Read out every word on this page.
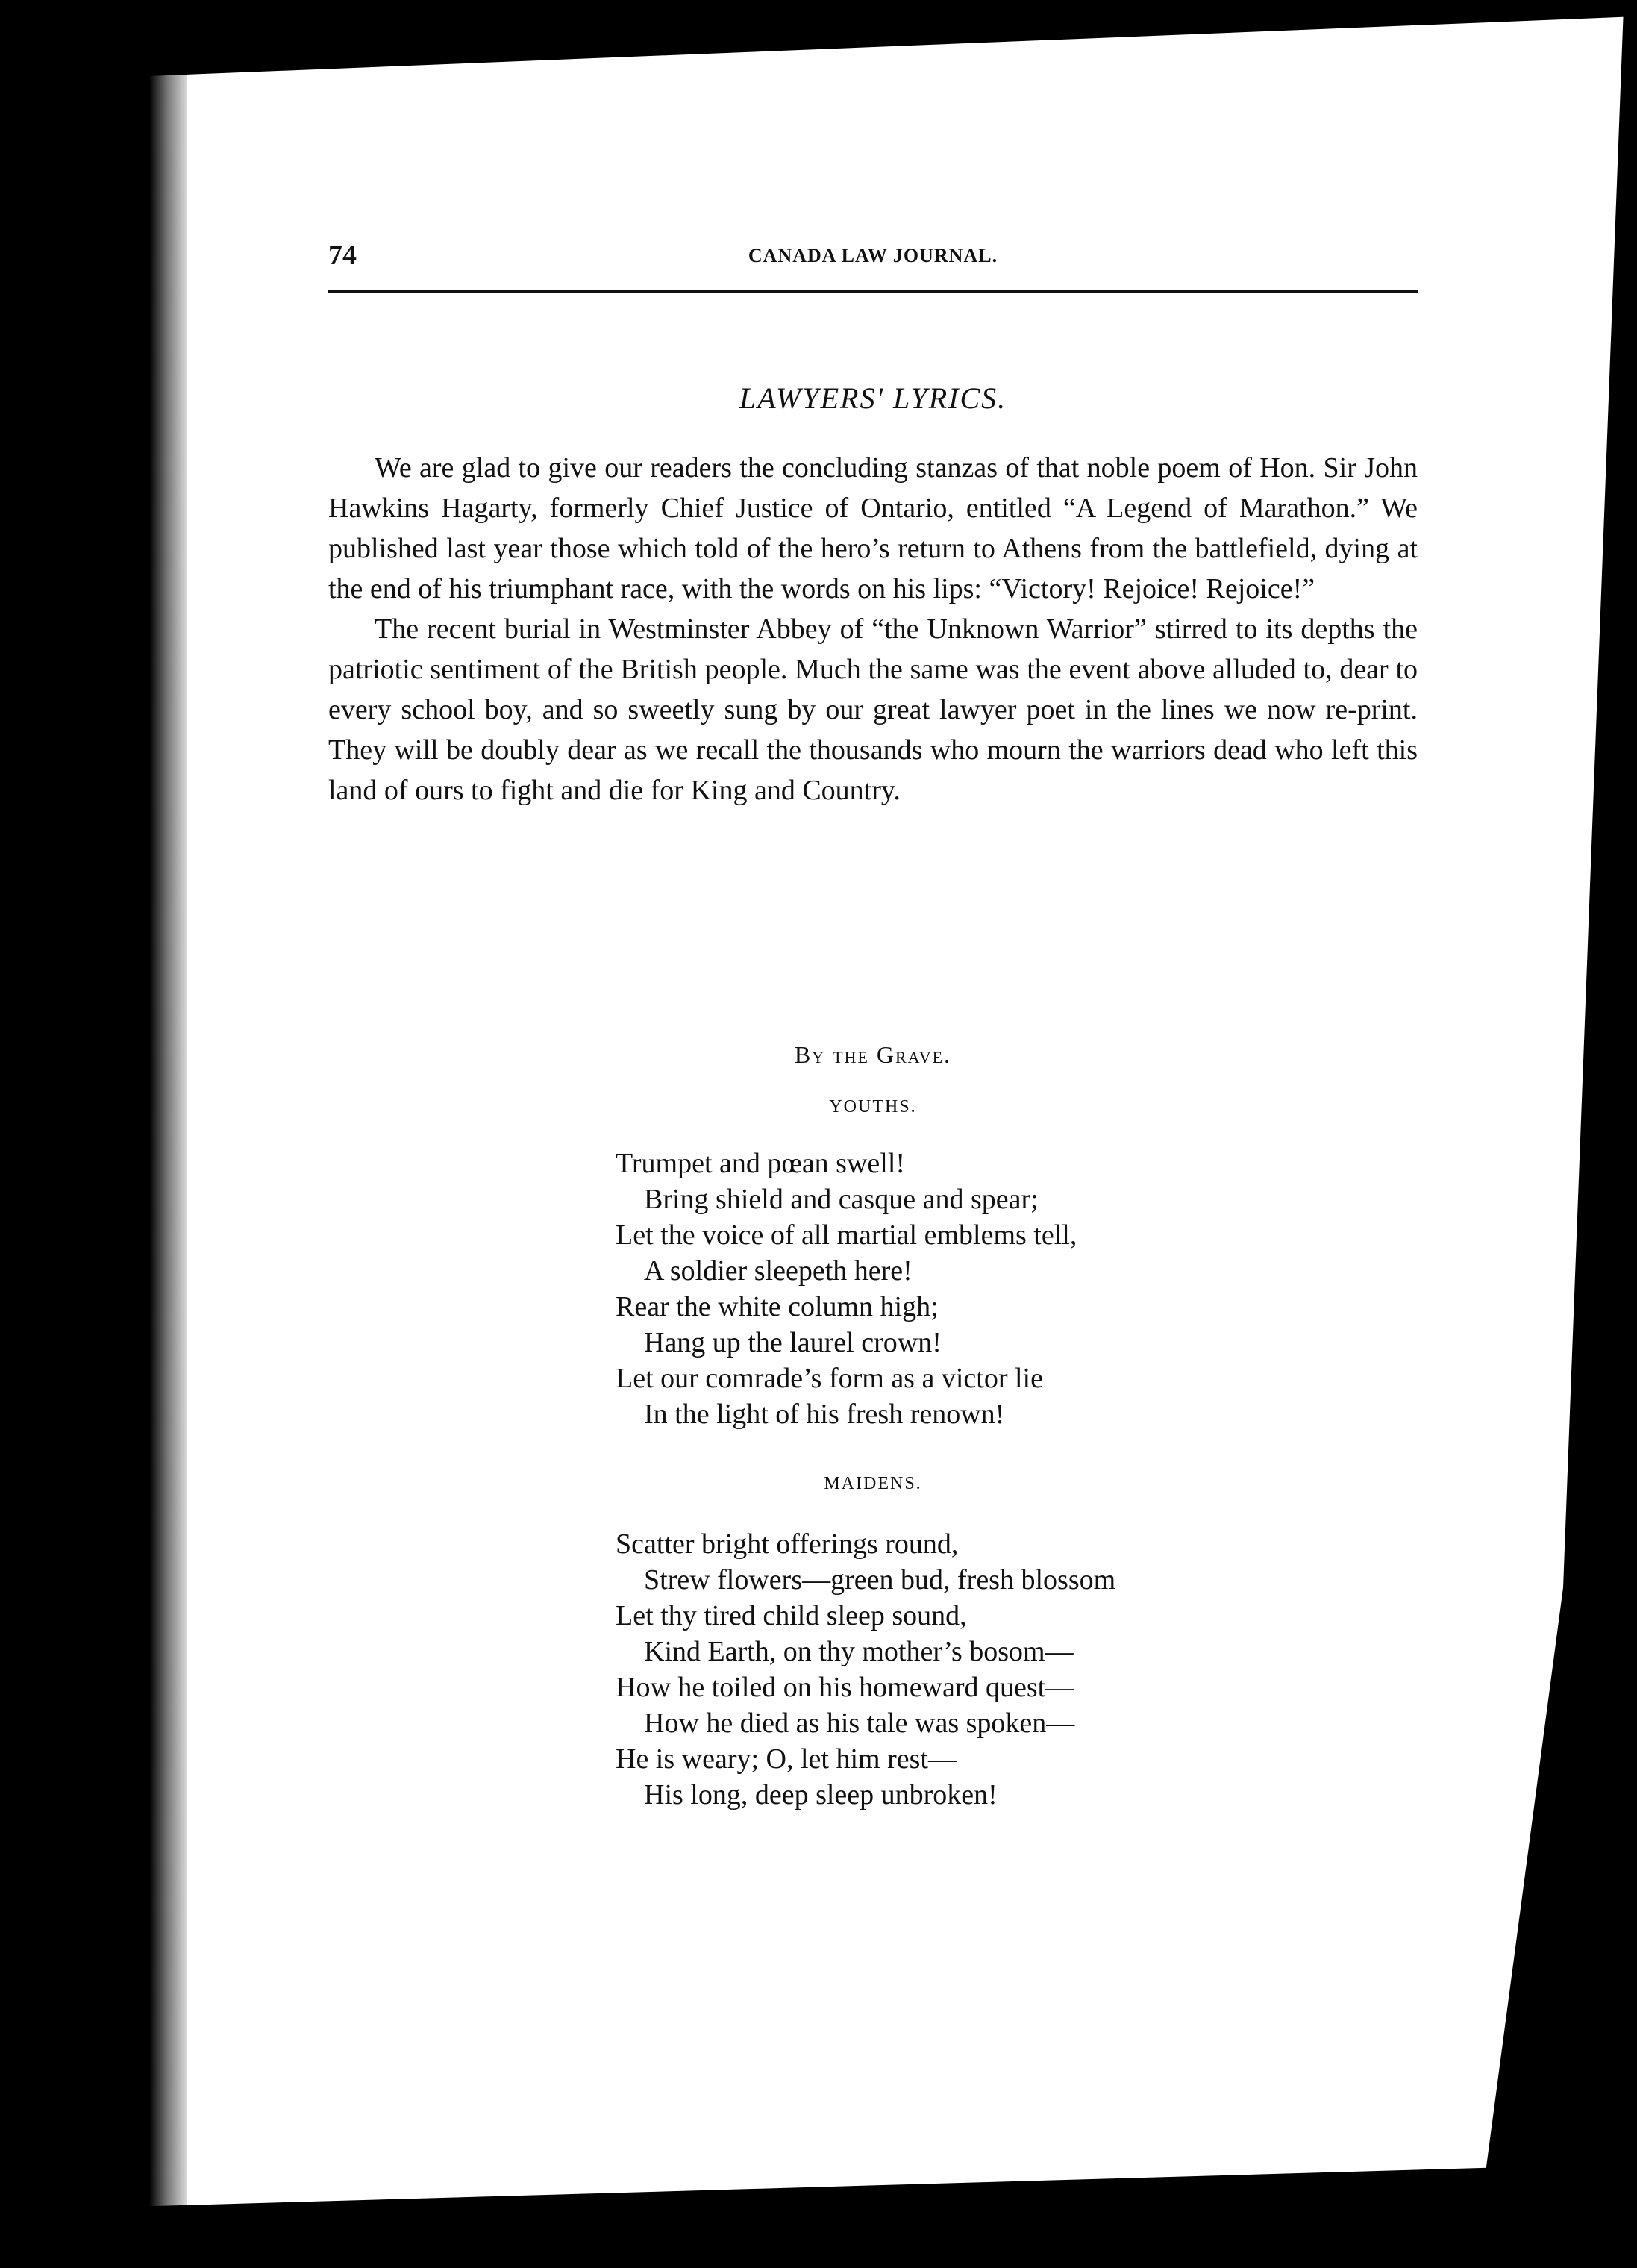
74	CANADA LAW JOURNAL.
LAWYERS' LYRICS.

We are glad to give our readers the concluding stanzas of that noble poem of Hon. Sir John Hawkins Hagarty, formerly Chief Justice of Ontario, entitled “A Legend of Marathon.” We published last year those which told of the hero’s return to Athens from the battlefield, dying at the end of his triumphant race, with the words on his lips: “Victory! Rejoice! Rejoice!”

The recent burial in Westminster Abbey of “the Unknown Warrior” stirred to its depths the patriotic sentiment of the British people. Much the same was the event above alluded to, dear to every school boy, and so sweetly sung by our great lawyer poet in the lines we now re-print. They will be doubly dear as we recall the thousands who mourn the warriors dead who left this land of ours to fight and die for King and Country.

By the Grave.
YOUTHS.
Trumpet and pœan swell!
Bring shield and casque and spear;
Let the voice of all martial emblems tell,
A soldier sleepeth here!
Rear the white column high;
Hang up the laurel crown!
Let our comrade’s form as a victor lie
In the light of his fresh renown!
MAIDENS.
Scatter bright offerings round,
Strew flowers—green bud, fresh blossom
Let thy tired child sleep sound,
Kind Earth, on thy mother’s bosom—
How he toiled on his homeward quest—
How he died as his tale was spoken—
He is weary; O, let him rest—
His long, deep sleep unbroken!
